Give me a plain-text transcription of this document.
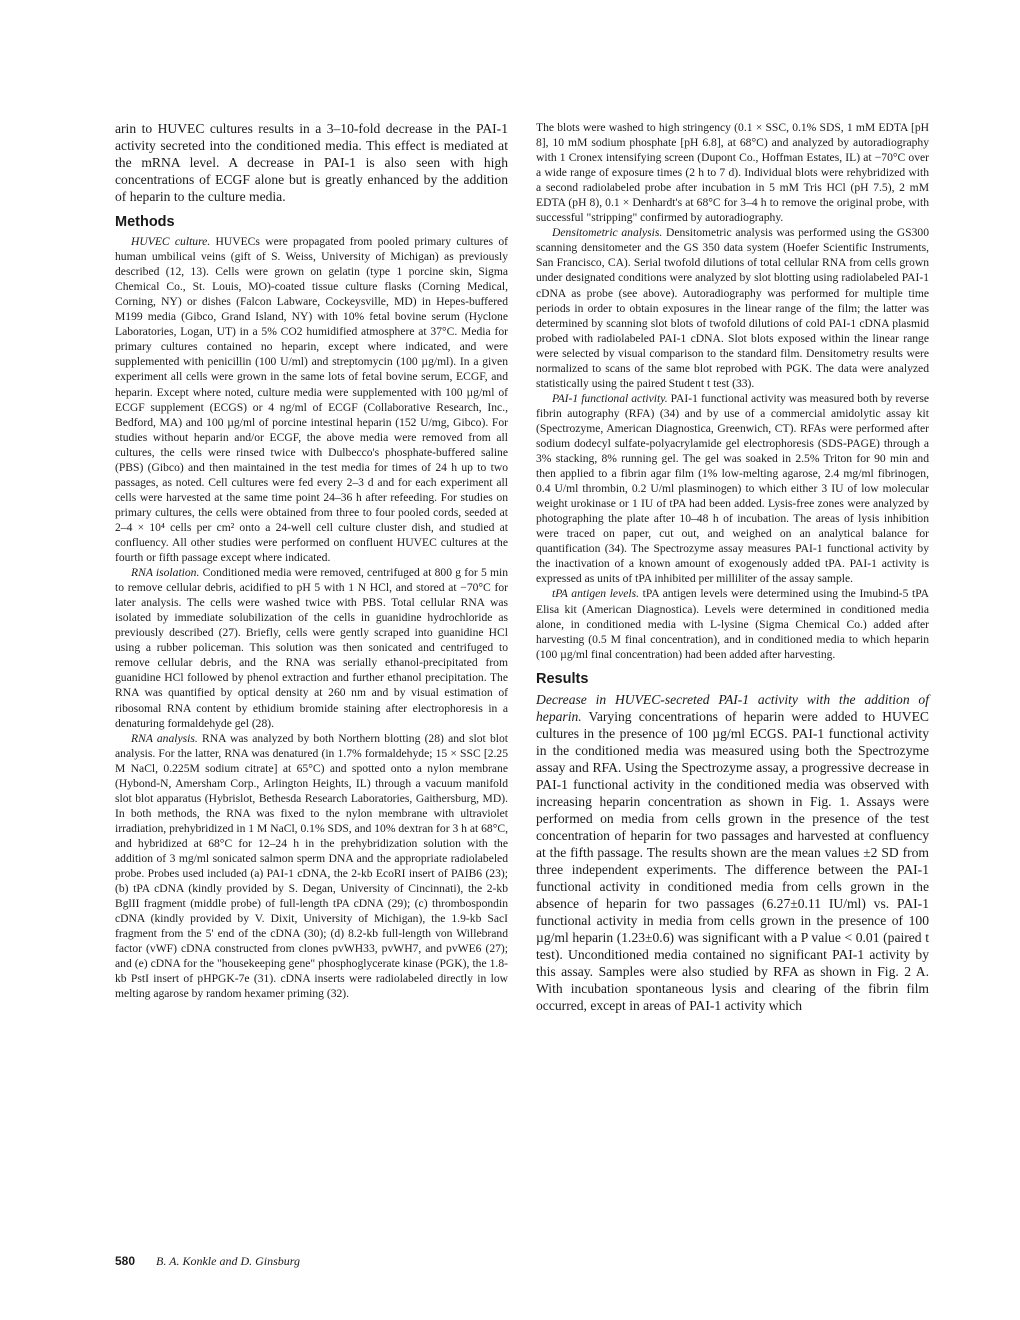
arin to HUVEC cultures results in a 3–10-fold decrease in the PAI-1 activity secreted into the conditioned media. This effect is mediated at the mRNA level. A decrease in PAI-1 is also seen with high concentrations of ECGF alone but is greatly enhanced by the addition of heparin to the culture media.

Methods

HUVEC culture. HUVECs were propagated from pooled primary cultures of human umbilical veins (gift of S. Weiss, University of Michigan) as previously described (12, 13). Cells were grown on gelatin (type 1 porcine skin, Sigma Chemical Co., St. Louis, MO)-coated tissue culture flasks (Corning Medical, Corning, NY) or dishes (Falcon Labware, Cockeysville, MD) in Hepes-buffered M199 media (Gibco, Grand Island, NY) with 10% fetal bovine serum (Hyclone Laboratories, Logan, UT) in a 5% CO2 humidified atmosphere at 37°C. Media for primary cultures contained no heparin, except where indicated, and were supplemented with penicillin (100 U/ml) and streptomycin (100 µg/ml). In a given experiment all cells were grown in the same lots of fetal bovine serum, ECGF, and heparin. Except where noted, culture media were supplemented with 100 µg/ml of ECGF supplement (ECGS) or 4 ng/ml of ECGF (Collaborative Research, Inc., Bedford, MA) and 100 µg/ml of porcine intestinal heparin (152 U/mg, Gibco). For studies without heparin and/or ECGF, the above media were removed from all cultures, the cells were rinsed twice with Dulbecco's phosphate-buffered saline (PBS) (Gibco) and then maintained in the test media for times of 24 h up to two passages, as noted. Cell cultures were fed every 2–3 d and for each experiment all cells were harvested at the same time point 24–36 h after refeeding. For studies on primary cultures, the cells were obtained from three to four pooled cords, seeded at 2–4 × 10⁴ cells per cm² onto a 24-well cell culture cluster dish, and studied at confluency. All other studies were performed on confluent HUVEC cultures at the fourth or fifth passage except where indicated.

RNA isolation. Conditioned media were removed, centrifuged at 800 g for 5 min to remove cellular debris, acidified to pH 5 with 1 N HCl, and stored at −70°C for later analysis. The cells were washed twice with PBS. Total cellular RNA was isolated by immediate solubilization of the cells in guanidine hydrochloride as previously described (27). Briefly, cells were gently scraped into guanidine HCl using a rubber policeman. This solution was then sonicated and centrifuged to remove cellular debris, and the RNA was serially ethanol-precipitated from guanidine HCl followed by phenol extraction and further ethanol precipitation. The RNA was quantified by optical density at 260 nm and by visual estimation of ribosomal RNA content by ethidium bromide staining after electrophoresis in a denaturing formaldehyde gel (28).

RNA analysis. RNA was analyzed by both Northern blotting (28) and slot blot analysis. For the latter, RNA was denatured (in 1.7% formaldehyde; 15 × SSC [2.25 M NaCl, 0.225M sodium citrate] at 65°C) and spotted onto a nylon membrane (Hybond-N, Amersham Corp., Arlington Heights, IL) through a vacuum manifold slot blot apparatus (Hybrislot, Bethesda Research Laboratories, Gaithersburg, MD). In both methods, the RNA was fixed to the nylon membrane with ultraviolet irradiation, prehybridized in 1 M NaCl, 0.1% SDS, and 10% dextran for 3 h at 68°C, and hybridized at 68°C for 12–24 h in the prehybridization solution with the addition of 3 mg/ml sonicated salmon sperm DNA and the appropriate radiolabeled probe. Probes used included (a) PAI-1 cDNA, the 2-kb EcoRI insert of PAIB6 (23); (b) tPA cDNA (kindly provided by S. Degan, University of Cincinnati), the 2-kb BglII fragment (middle probe) of full-length tPA cDNA (29); (c) thrombospondin cDNA (kindly provided by V. Dixit, University of Michigan), the 1.9-kb SacI fragment from the 5' end of the cDNA (30); (d) 8.2-kb full-length von Willebrand factor (vWF) cDNA constructed from clones pvWH33, pvWH7, and pvWE6 (27); and (e) cDNA for the "housekeeping gene" phosphoglycerate kinase (PGK), the 1.8-kb PstI insert of pHPGK-7e (31). cDNA inserts were radiolabeled directly in low melting agarose by random hexamer priming (32).

The blots were washed to high stringency (0.1 × SSC, 0.1% SDS, 1 mM EDTA [pH 8], 10 mM sodium phosphate [pH 6.8], at 68°C) and analyzed by autoradiography with 1 Cronex intensifying screen (Dupont Co., Hoffman Estates, IL) at −70°C over a wide range of exposure times (2 h to 7 d). Individual blots were rehybridized with a second radiolabeled probe after incubation in 5 mM Tris HCl (pH 7.5), 2 mM EDTA (pH 8), 0.1 × Denhardt's at 68°C for 3–4 h to remove the original probe, with successful "stripping" confirmed by autoradiography.

Densitometric analysis. Densitometric analysis was performed using the GS300 scanning densitometer and the GS 350 data system (Hoefer Scientific Instruments, San Francisco, CA). Serial twofold dilutions of total cellular RNA from cells grown under designated conditions were analyzed by slot blotting using radiolabeled PAI-1 cDNA as probe (see above). Autoradiography was performed for multiple time periods in order to obtain exposures in the linear range of the film; the latter was determined by scanning slot blots of twofold dilutions of cold PAI-1 cDNA plasmid probed with radiolabeled PAI-1 cDNA. Slot blots exposed within the linear range were selected by visual comparison to the standard film. Densitometry results were normalized to scans of the same blot reprobed with PGK. The data were analyzed statistically using the paired Student t test (33).

PAI-1 functional activity. PAI-1 functional activity was measured both by reverse fibrin autography (RFA) (34) and by use of a commercial amidolytic assay kit (Spectrozyme, American Diagnostica, Greenwich, CT). RFAs were performed after sodium dodecyl sulfate-polyacrylamide gel electrophoresis (SDS-PAGE) through a 3% stacking, 8% running gel. The gel was soaked in 2.5% Triton for 90 min and then applied to a fibrin agar film (1% low-melting agarose, 2.4 mg/ml fibrinogen, 0.4 U/ml thrombin, 0.2 U/ml plasminogen) to which either 3 IU of low molecular weight urokinase or 1 IU of tPA had been added. Lysis-free zones were analyzed by photographing the plate after 10–48 h of incubation. The areas of lysis inhibition were traced on paper, cut out, and weighed on an analytical balance for quantification (34). The Spectrozyme assay measures PAI-1 functional activity by the inactivation of a known amount of exogenously added tPA. PAI-1 activity is expressed as units of tPA inhibited per milliliter of the assay sample.

tPA antigen levels. tPA antigen levels were determined using the Imubind-5 tPA Elisa kit (American Diagnostica). Levels were determined in conditioned media alone, in conditioned media with L-lysine (Sigma Chemical Co.) added after harvesting (0.5 M final concentration), and in conditioned media to which heparin (100 µg/ml final concentration) had been added after harvesting.

Results

Decrease in HUVEC-secreted PAI-1 activity with the addition of heparin. Varying concentrations of heparin were added to HUVEC cultures in the presence of 100 µg/ml ECGS. PAI-1 functional activity in the conditioned media was measured using both the Spectrozyme assay and RFA. Using the Spectrozyme assay, a progressive decrease in PAI-1 functional activity in the conditioned media was observed with increasing heparin concentration as shown in Fig. 1. Assays were performed on media from cells grown in the presence of the test concentration of heparin for two passages and harvested at confluency at the fifth passage. The results shown are the mean values ±2 SD from three independent experiments. The difference between the PAI-1 functional activity in conditioned media from cells grown in the absence of heparin for two passages (6.27±0.11 IU/ml) vs. PAI-1 functional activity in media from cells grown in the presence of 100 µg/ml heparin (1.23±0.6) was significant with a P value < 0.01 (paired t test). Unconditioned media contained no significant PAI-1 activity by this assay. Samples were also studied by RFA as shown in Fig. 2 A. With incubation spontaneous lysis and clearing of the fibrin film occurred, except in areas of PAI-1 activity which

580 B. A. Konkle and D. Ginsburg
